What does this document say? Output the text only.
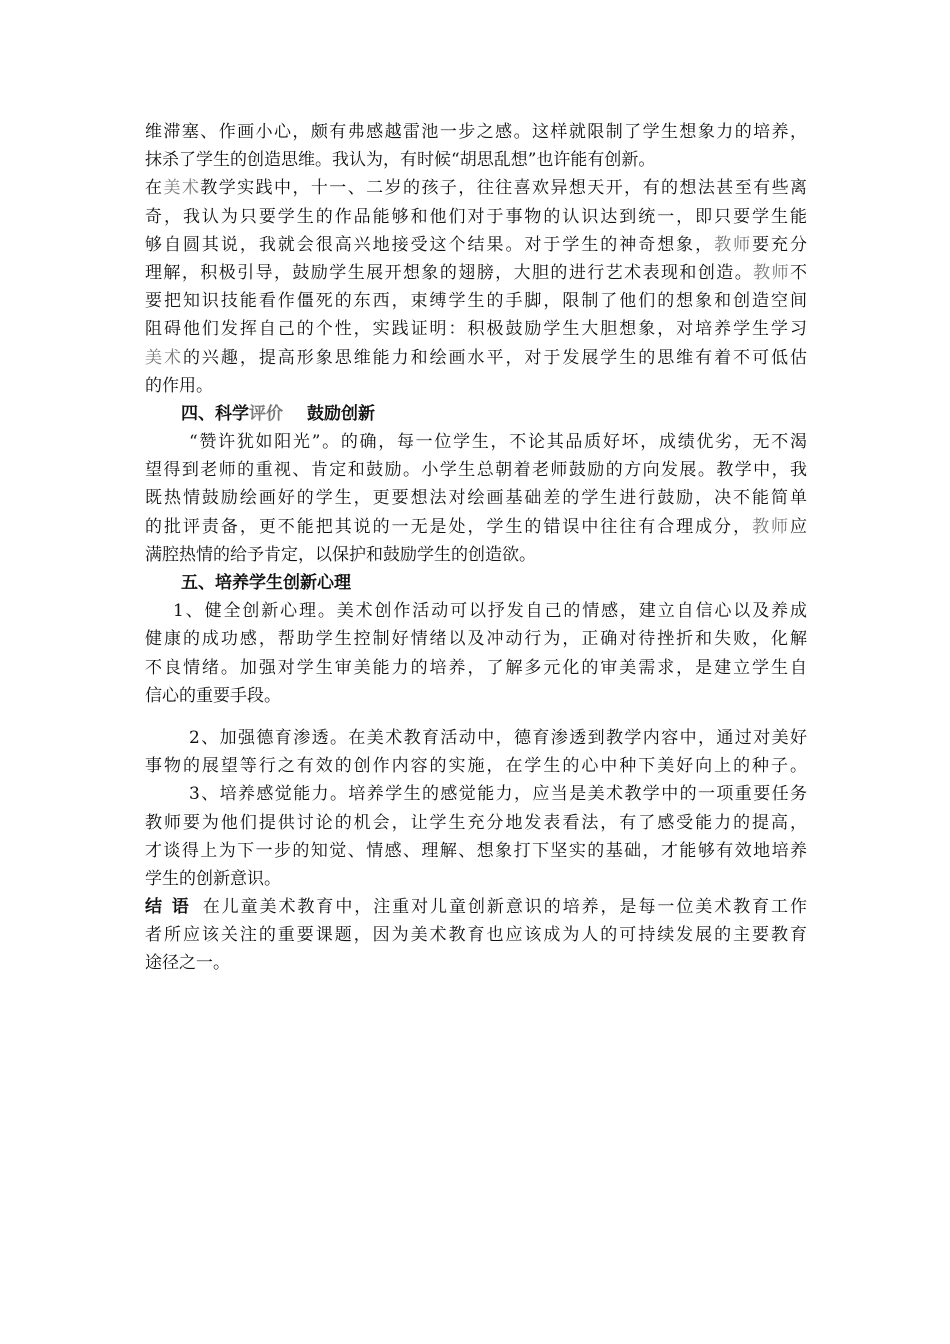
维滞塞、作画小心，颇有弗感越雷池一步之感。这样就限制了学生想象力的培养，
抹杀了学生的创造思维。我认为，有时候“胡思乱想”也许能有创新。
在美术教学实践中，十一、二岁的孩子，往往喜欢异想天开，有的想法甚至有些离
奇，我认为只要学生的作品能够和他们对于事物的认识达到统一，即只要学生能
够自圆其说，我就会很高兴地接受这个结果。对于学生的神奇想象，教师要充分
理解，积极引导，鼓励学生展开想象的翅膀，大胆的进行艺术表现和创造。教师不
要把知识技能看作僵死的东西，束缚学生的手脚，限制了他们的想象和创造空间
阻碍他们发挥自己的个性，实践证明：积极鼓励学生大胆想象，对培养学生学习
美术的兴趣，提高形象思维能力和绘画水平，对于发展学生的思维有着不可低估
的作用。
四、科学评价 鼓励创新
“赞许犹如阳光”。的确，每一位学生，不论其品质好坏，成绩优劣，无不渴
望得到老师的重视、肯定和鼓励。小学生总朝着老师鼓励的方向发展。教学中，我
既热情鼓励绘画好的学生，更要想法对绘画基础差的学生进行鼓励，决不能简单
的批评责备，更不能把其说的一无是处，学生的错误中往往有合理成分，教师应
满腔热情的给予肯定，以保护和鼓励学生的创造欲。
五、培养学生创新心理
1、健全创新心理。美术创作活动可以抒发自己的情感，建立自信心以及养成
健康的成功感，帮助学生控制好情绪以及冲动行为，正确对待挫折和失败，化解
不良情绪。加强对学生审美能力的培养，了解多元化的审美需求，是建立学生自
信心的重要手段。
2、加强德育渗透。在美术教育活动中，德育渗透到教学内容中，通过对美好
事物的展望等行之有效的创作内容的实施，在学生的心中种下美好向上的种子。
3、培养感觉能力。培养学生的感觉能力，应当是美术教学中的一项重要任务
教师要为他们提供讨论的机会，让学生充分地发表看法，有了感受能力的提高，
才谈得上为下一步的知觉、情感、理解、想象打下坚实的基础，才能够有效地培养
学生的创新意识。
结 语 在儿童美术教育中，注重对儿童创新意识的培养，是每一位美术教育工作
者所应该关注的重要课题，因为美术教育也应该成为人的可持续发展的主要教育
途径之一。
